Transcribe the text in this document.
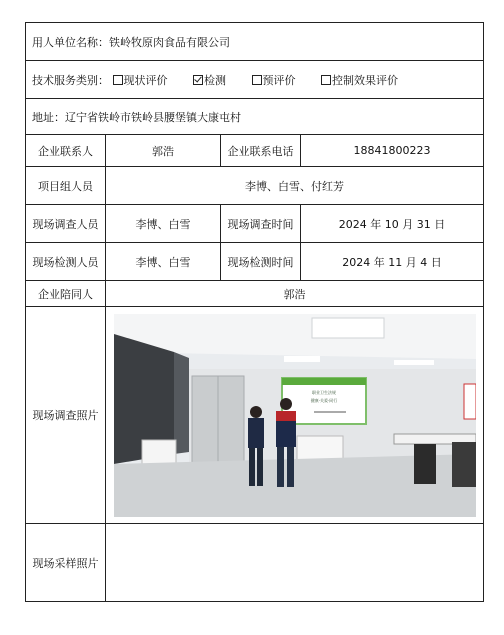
用人单位名称：铁岭牧原肉食品有限公司			
技术服务类别： 现状评价 检测 预评价 控制效果评价			
地址：辽宁省铁岭市铁岭县腰堡镇大康屯村			
企业联系人	郭浩	企业联系电话	18841800223
项目组人员	李博、白雪、付红芳		
现场调查人员	李博、白雪	现场调查时间	2024 年 10 月 31 日
现场检测人员	李博、白雪	现场检测时间	2024 年 11 月 4 日
企业陪同人	郭浩		
现场调查照片	职业卫生法规
健康·关爱·同行		

现场采样照片			
